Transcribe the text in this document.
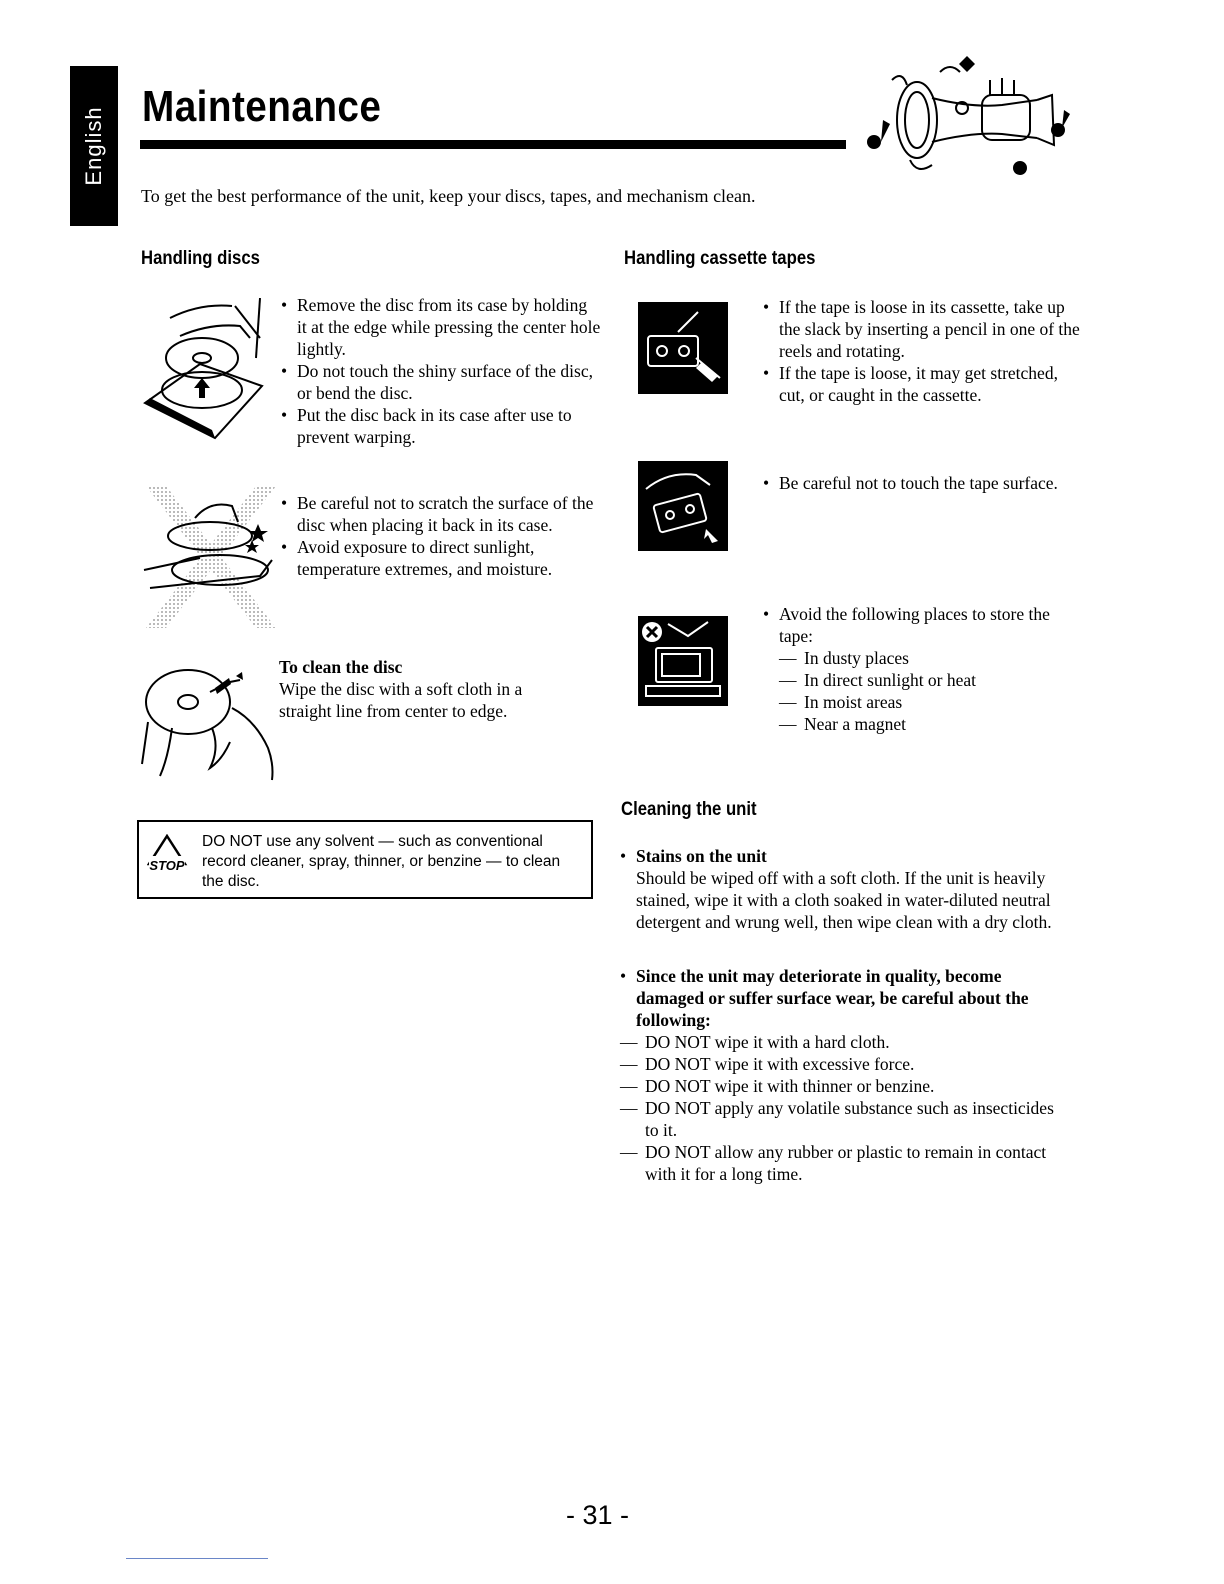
English Maintenance
To get the best performance of the unit, keep your discs, tapes, and mechanism clean.
Handling discs
• Remove the disc from its case by holding it at the edge while pressing the center hole lightly.
• Do not touch the shiny surface of the disc, or bend the disc.
• Put the disc back in its case after use to prevent warping.
• Be careful not to scratch the surface of the disc when placing it back in its case.
• Avoid exposure to direct sunlight, temperature extremes, and moisture.
To clean the disc
Wipe the disc with a soft cloth in a straight line from center to edge.
STOP
DO NOT use any solvent — such as conventional record cleaner, spray, thinner, or benzine — to clean the disc.
Handling cassette tapes
• If the tape is loose in its cassette, take up the slack by inserting a pencil in one of the reels and rotating.
• If the tape is loose, it may get stretched, cut, or caught in the cassette.
• Be careful not to touch the tape surface.
• Avoid the following places to store the tape:
— In dusty places
— In direct sunlight or heat
— In moist areas
— Near a magnet
Cleaning the unit
• Stains on the unit
Should be wiped off with a soft cloth. If the unit is heavily stained, wipe it with a cloth soaked in water-diluted neutral detergent and wrung well, then wipe clean with a dry cloth.
• Since the unit may deteriorate in quality, become damaged or suffer surface wear, be careful about the following:
— DO NOT wipe it with a hard cloth.
— DO NOT wipe it with excessive force.
— DO NOT wipe it with thinner or benzine.
— DO NOT apply any volatile substance such as insecticides to it.
— DO NOT allow any rubber or plastic to remain in contact with it for a long time.
- 31 -
